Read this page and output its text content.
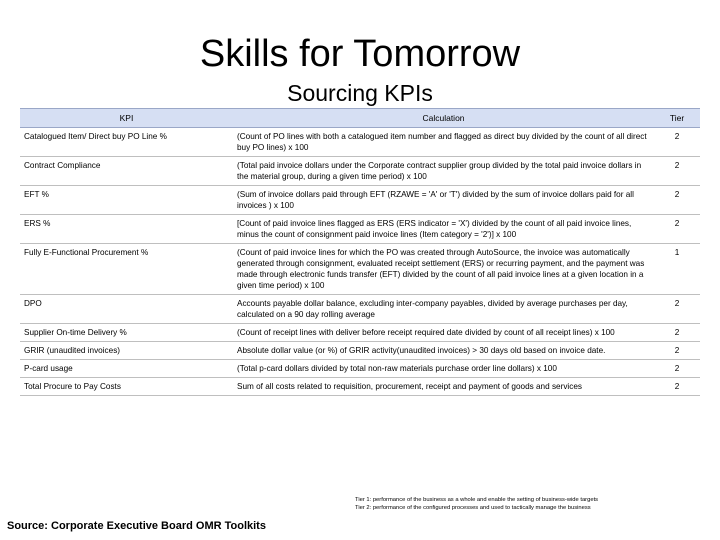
Skills for Tomorrow
Sourcing KPIs
KPI	Calculation	Tier
Catalogued Item/ Direct buy PO Line %	(Count of PO lines with both a catalogued item number and flagged as direct buy divided by the count of all direct buy PO lines) x 100	2
Contract Compliance	(Total paid invoice dollars under the Corporate contract supplier group divided by the total paid invoice dollars in the material group, during a given time period) x 100	2
EFT %	(Sum of invoice dollars paid through EFT (RZAWE = 'A' or 'T') divided by the sum of invoice dollars paid for all invoices ) x 100	2
ERS %	[Count of paid invoice lines flagged as ERS (ERS indicator = 'X') divided by the count of all paid invoice lines, minus the count of consignment paid invoice lines (Item category = '2')] x 100	2
Fully E-Functional Procurement %	(Count of paid invoice lines for which the PO was created through AutoSource, the invoice was automatically generated through consignment, evaluated receipt settlement (ERS) or recurring payment, and the payment was made through electronic funds transfer (EFT) divided by the count of all paid invoice lines at a given location in a given time period) x 100	1
DPO	Accounts payable dollar balance, excluding inter-company payables, divided by average purchases per day, calculated on a 90 day rolling average	2
Supplier On-time Delivery %	(Count of receipt lines with deliver before receipt required date divided by count of all receipt lines) x 100	2
GRIR (unaudited invoices)	Absolute dollar value (or %) of GRIR activity(unaudited invoices) > 30 days old based on invoice date.	2
P-card usage	(Total p-card dollars divided by total non-raw materials purchase order line dollars) x 100	2
Total Procure to Pay Costs	Sum of all costs related to requisition, procurement, receipt and payment of goods and services	2
Tier 1: performance of the business as a whole and enable the setting of business-wide targets
Tier 2: performance of the configured processes and used to tactically manage the business
Source: Corporate Executive Board OMR Toolkits
